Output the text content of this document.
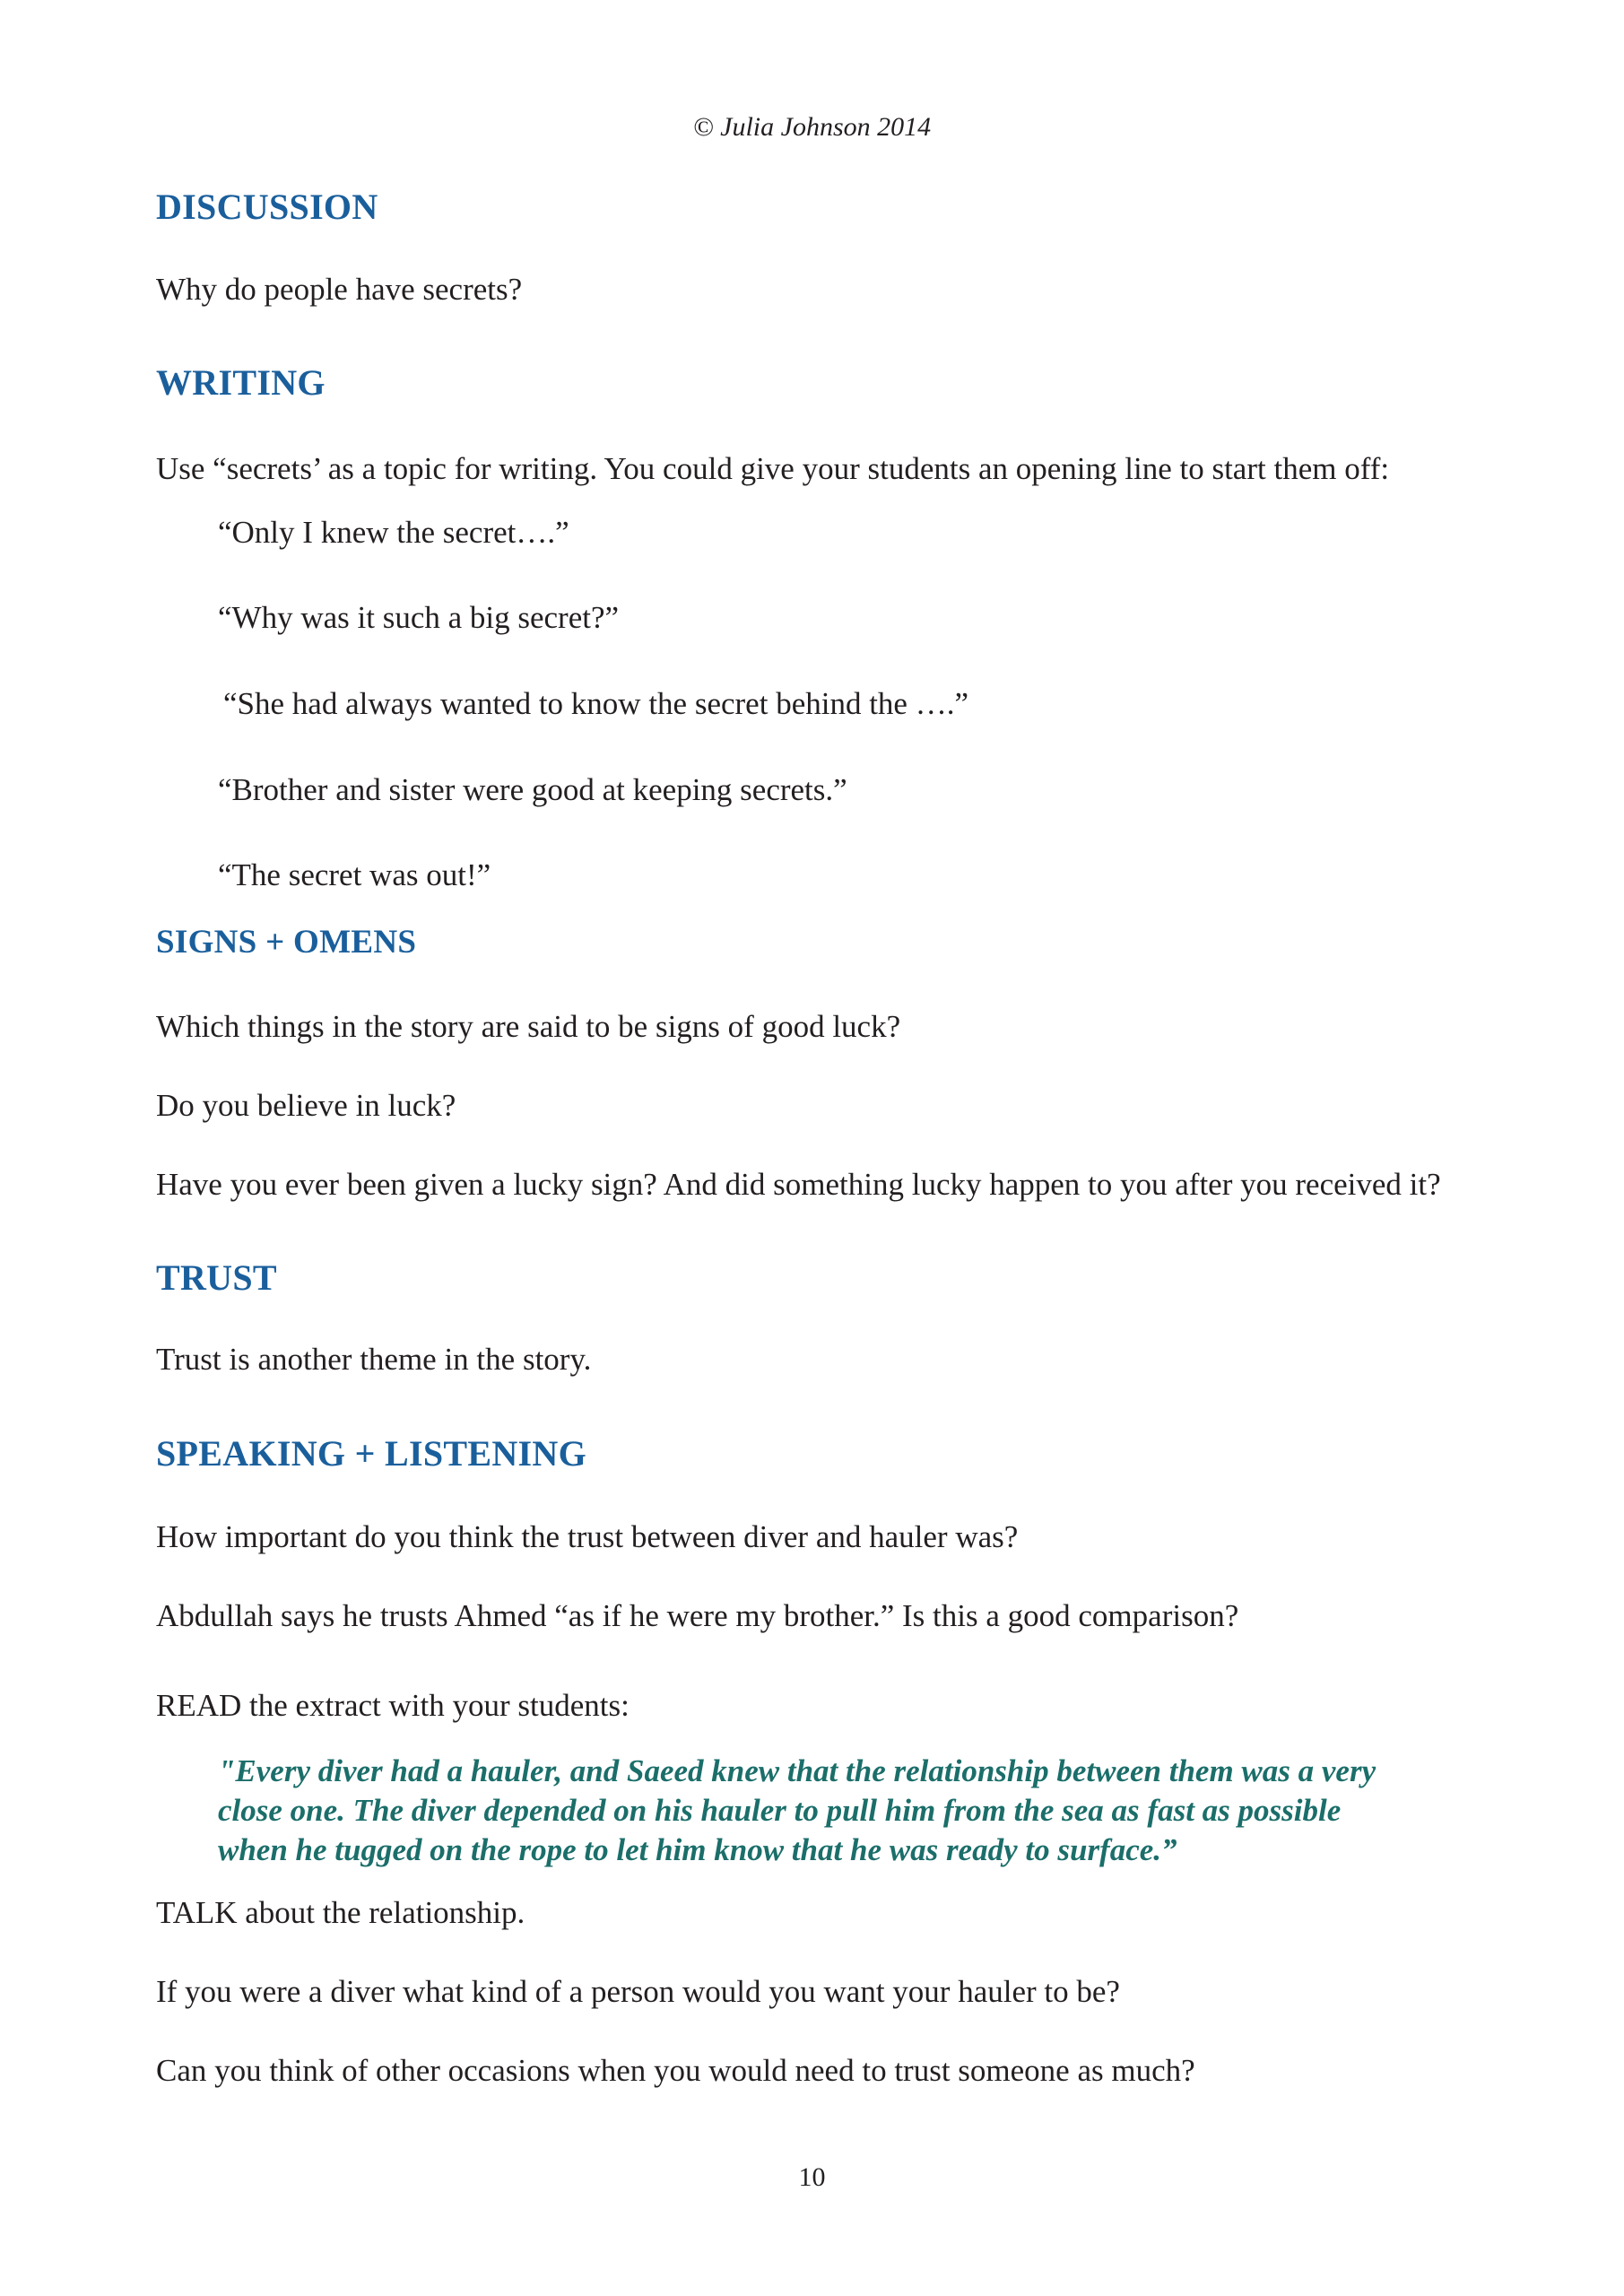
© Julia Johnson 2014
DISCUSSION

Why do people have secrets?

WRITING

Use “secrets’ as a topic for writing. You could give your students an opening line to start them off:

“Only I knew the secret….”

“Why was it such a big secret?”

“She had always wanted to know the secret behind the ….”

“Brother and sister were good at keeping secrets.”

“The secret was out!”

SIGNS + OMENS

Which things in the story are said to be signs of good luck?

Do you believe in luck?

Have you ever been given a lucky sign? And did something lucky happen to you after you received it?

TRUST

Trust is another theme in the story.

SPEAKING + LISTENING

How important do you think the trust between diver and hauler was?

Abdullah says he trusts Ahmed “as if he were my brother.” Is this a good comparison?

READ the extract with your students:

"Every diver had a hauler, and Saeed knew that the relationship between them was a very
close one. The diver depended on his hauler to pull him from the sea as fast as possible
when he tugged on the rope to let him know that he was ready to surface.”

TALK about the relationship.

If you were a diver what kind of a person would you want your hauler to be?

Can you think of other occasions when you would need to trust someone as much?

10
